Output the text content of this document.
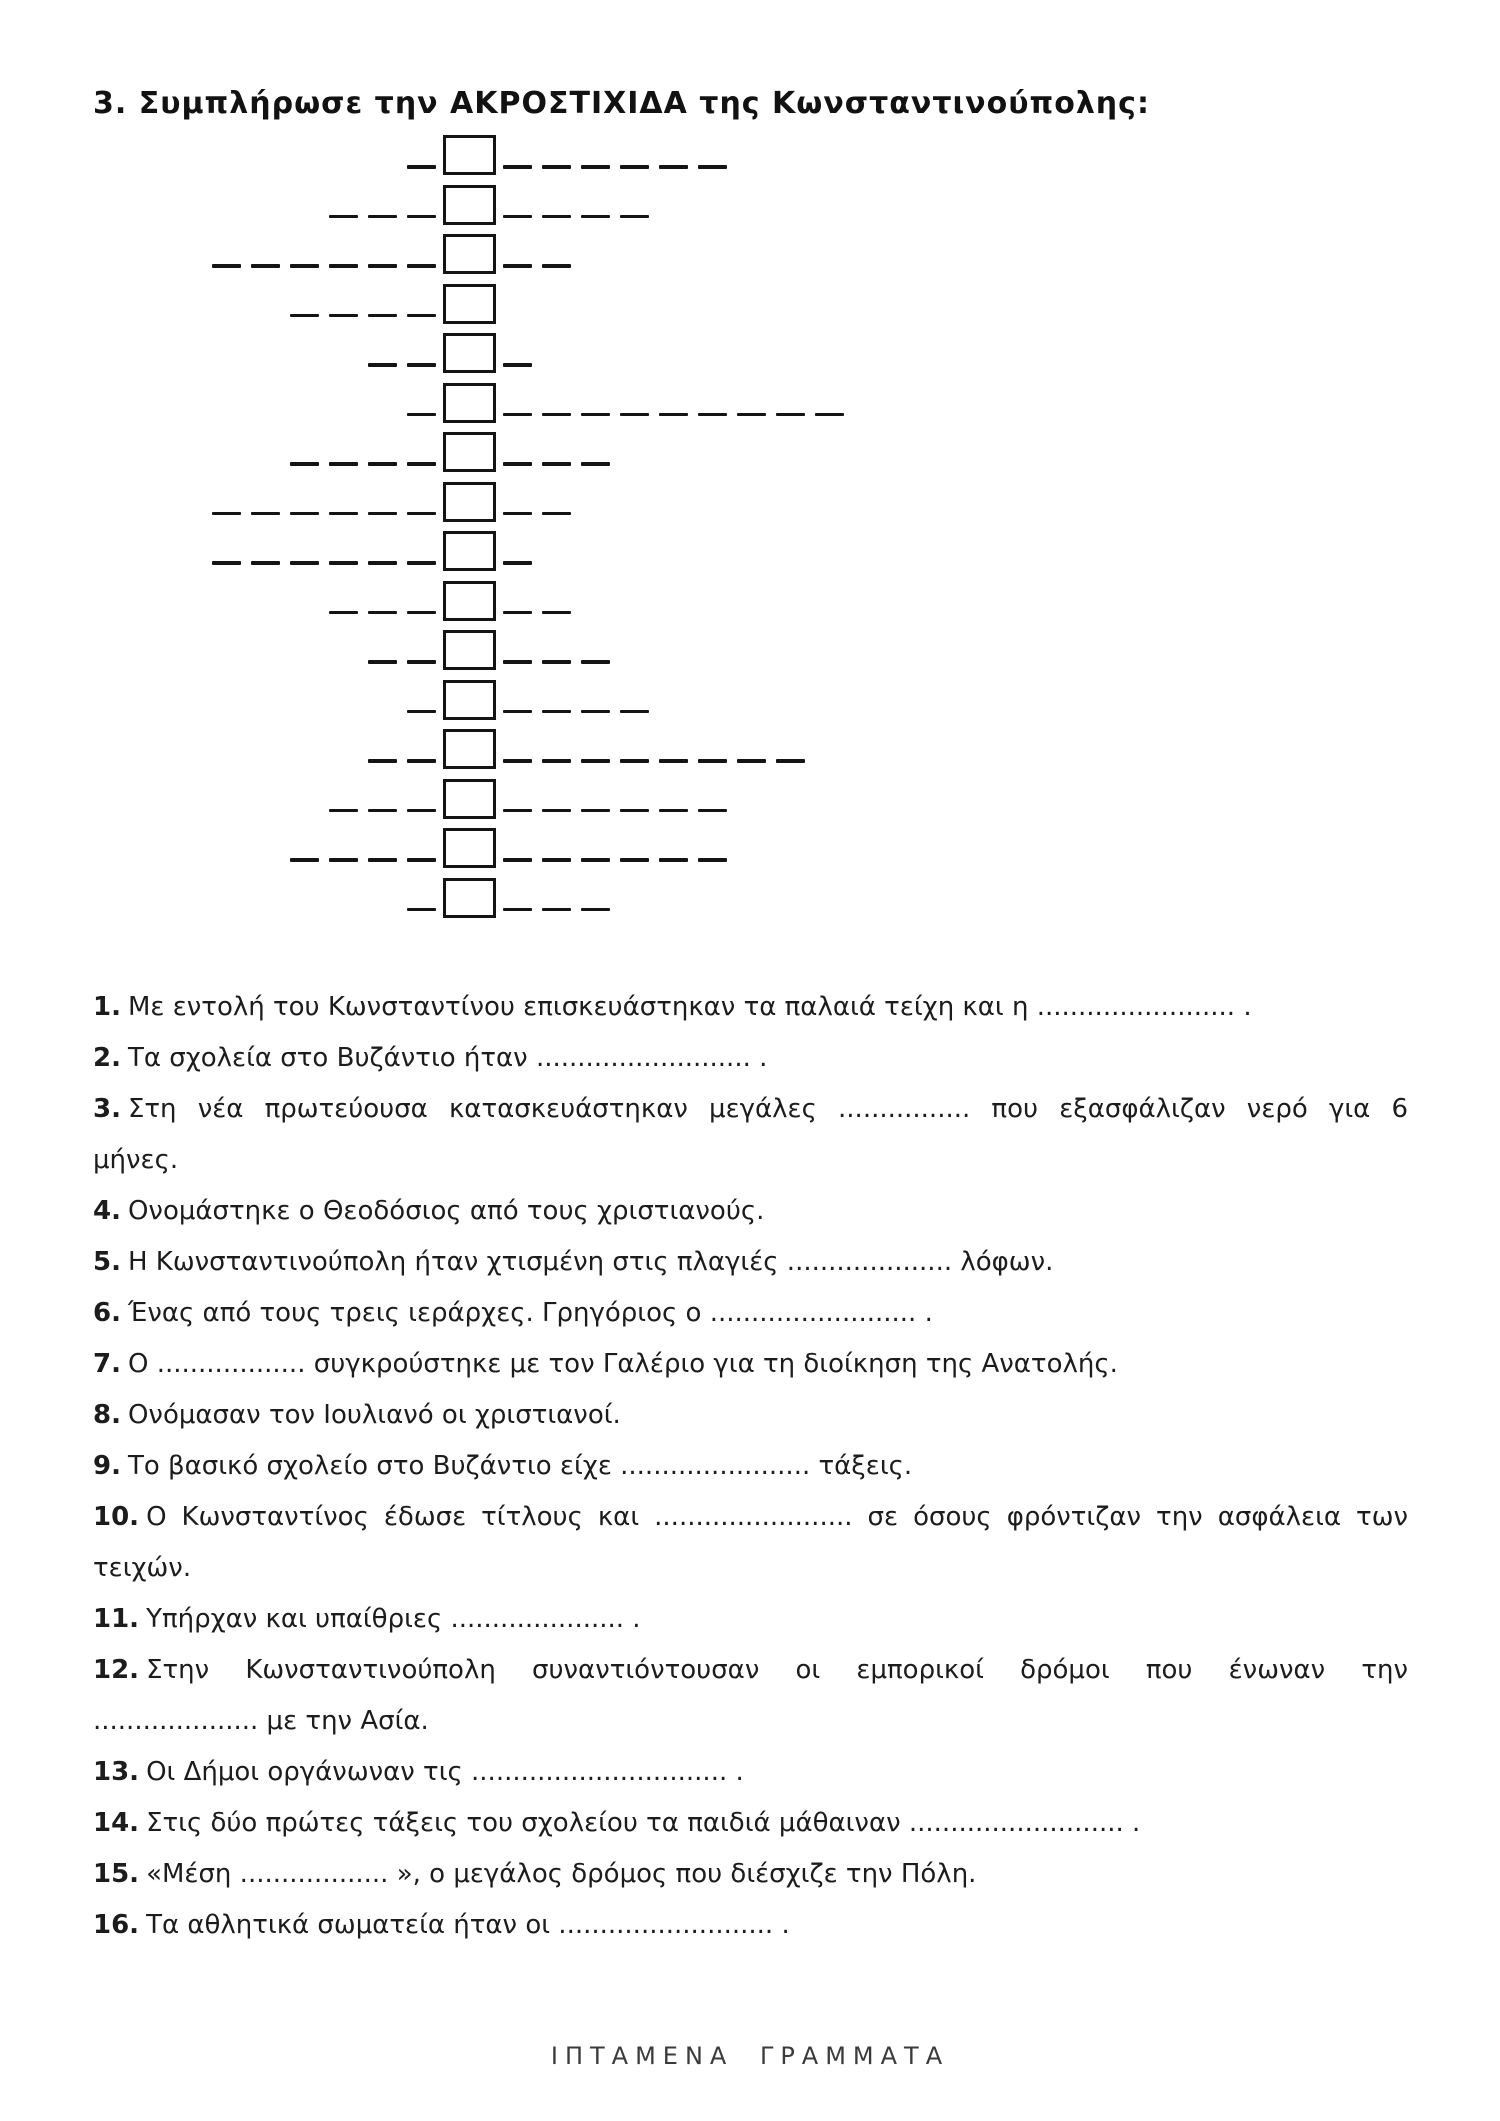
3. Συμπλήρωσε την ΑΚΡΟΣΤΙΧΙΔΑ της Κωνσταντινούπολης:
1. Με εντολή του Κωνσταντίνου επισκευάστηκαν τα παλαιά τείχη και η ........................ .
2. Τα σχολεία στο Βυζάντιο ήταν .......................... .
3. Στη νέα πρωτεύουσα κατασκευάστηκαν μεγάλες ................ που εξασφάλιζαν νερό για 6
μήνες.
4. Ονομάστηκε ο Θεοδόσιος από τους χριστιανούς.
5. Η Κωνσταντινούπολη ήταν χτισμένη στις πλαγιές .................... λόφων.
6. Ένας από τους τρεις ιεράρχες. Γρηγόριος ο ......................... .
7. Ο .................. συγκρούστηκε με τον Γαλέριο για τη διοίκηση της Ανατολής.
8. Ονόμασαν τον Ιουλιανό οι χριστιανοί.
9. Το βασικό σχολείο στο Βυζάντιο είχε ....................... τάξεις.
10. Ο Κωνσταντίνος έδωσε τίτλους και ........................ σε όσους φρόντιζαν την ασφάλεια των
τειχών.
11. Υπήρχαν και υπαίθριες ..................... .
12. Στην Κωνσταντινούπολη συναντιόντουσαν οι εμπορικοί δρόμοι που ένωναν την
.................... με την Ασία.
13. Οι Δήμοι οργάνωναν τις ............................... .
14. Στις δύο πρώτες τάξεις του σχολείου τα παιδιά μάθαιναν .......................... .
15. «Μέση .................. », ο μεγάλος δρόμος που διέσχιζε την Πόλη.
16. Τα αθλητικά σωματεία ήταν οι .......................... .
ΙΠΤΑΜΕΝΑ ΓΡΑΜΜΑΤΑ
